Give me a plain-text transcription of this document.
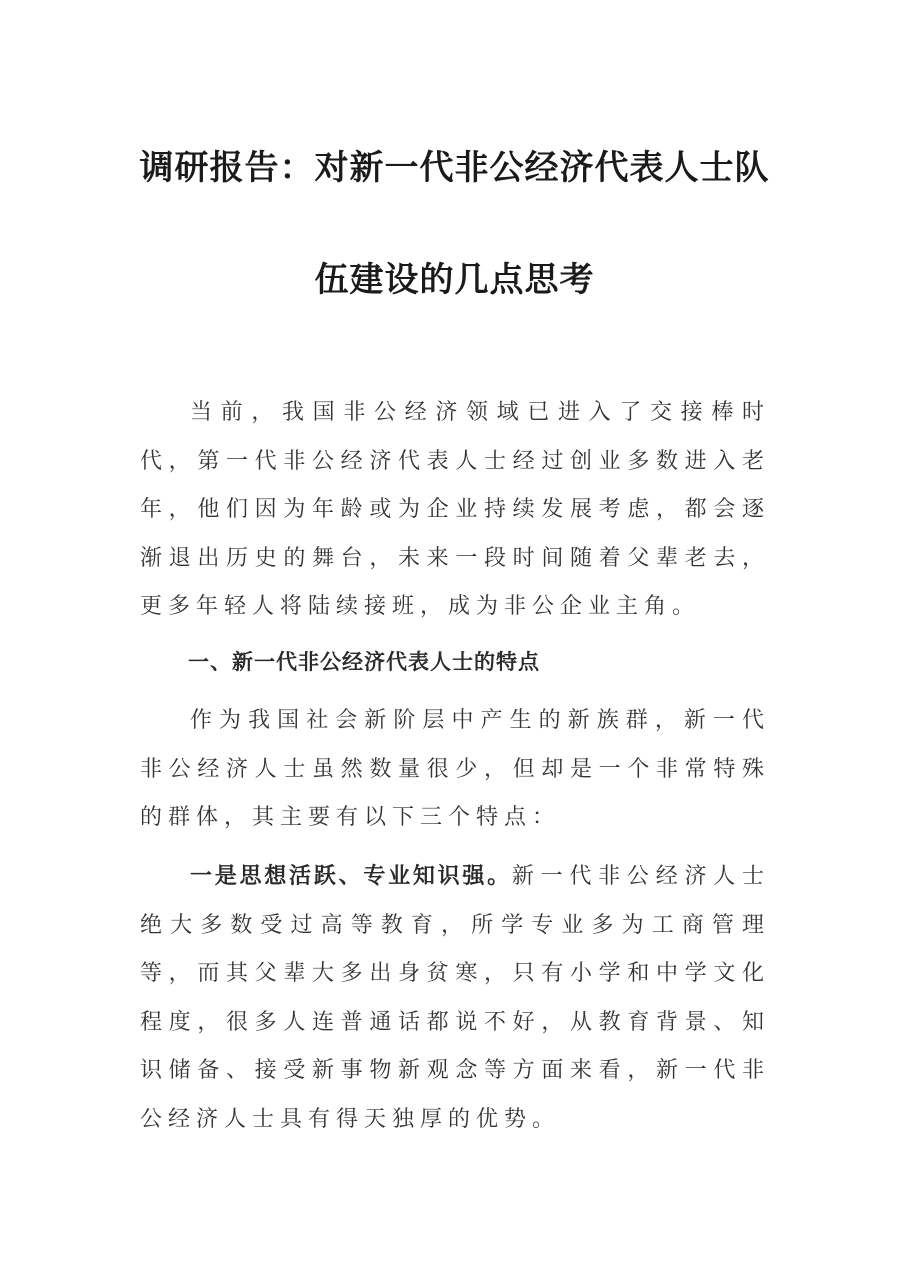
调研报告：对新一代非公经济代表人士队
伍建设的几点思考

当前，我国非公经济领域已进入了交接棒时代，第一代非公经济代表人士经过创业多数进入老年，他们因为年龄或为企业持续发展考虑，都会逐渐退出历史的舞台，未来一段时间随着父辈老去，更多年轻人将陆续接班，成为非公企业主角。

一、新一代非公经济代表人士的特点

作为我国社会新阶层中产生的新族群，新一代非公经济人士虽然数量很少，但却是一个非常特殊的群体，其主要有以下三个特点：

一是思想活跃、专业知识强。新一代非公经济人士绝大多数受过高等教育，所学专业多为工商管理等，而其父辈大多出身贫寒，只有小学和中学文化程度，很多人连普通话都说不好，从教育背景、知识储备、接受新事物新观念等方面来看，新一代非公经济人士具有得天独厚的优势。
